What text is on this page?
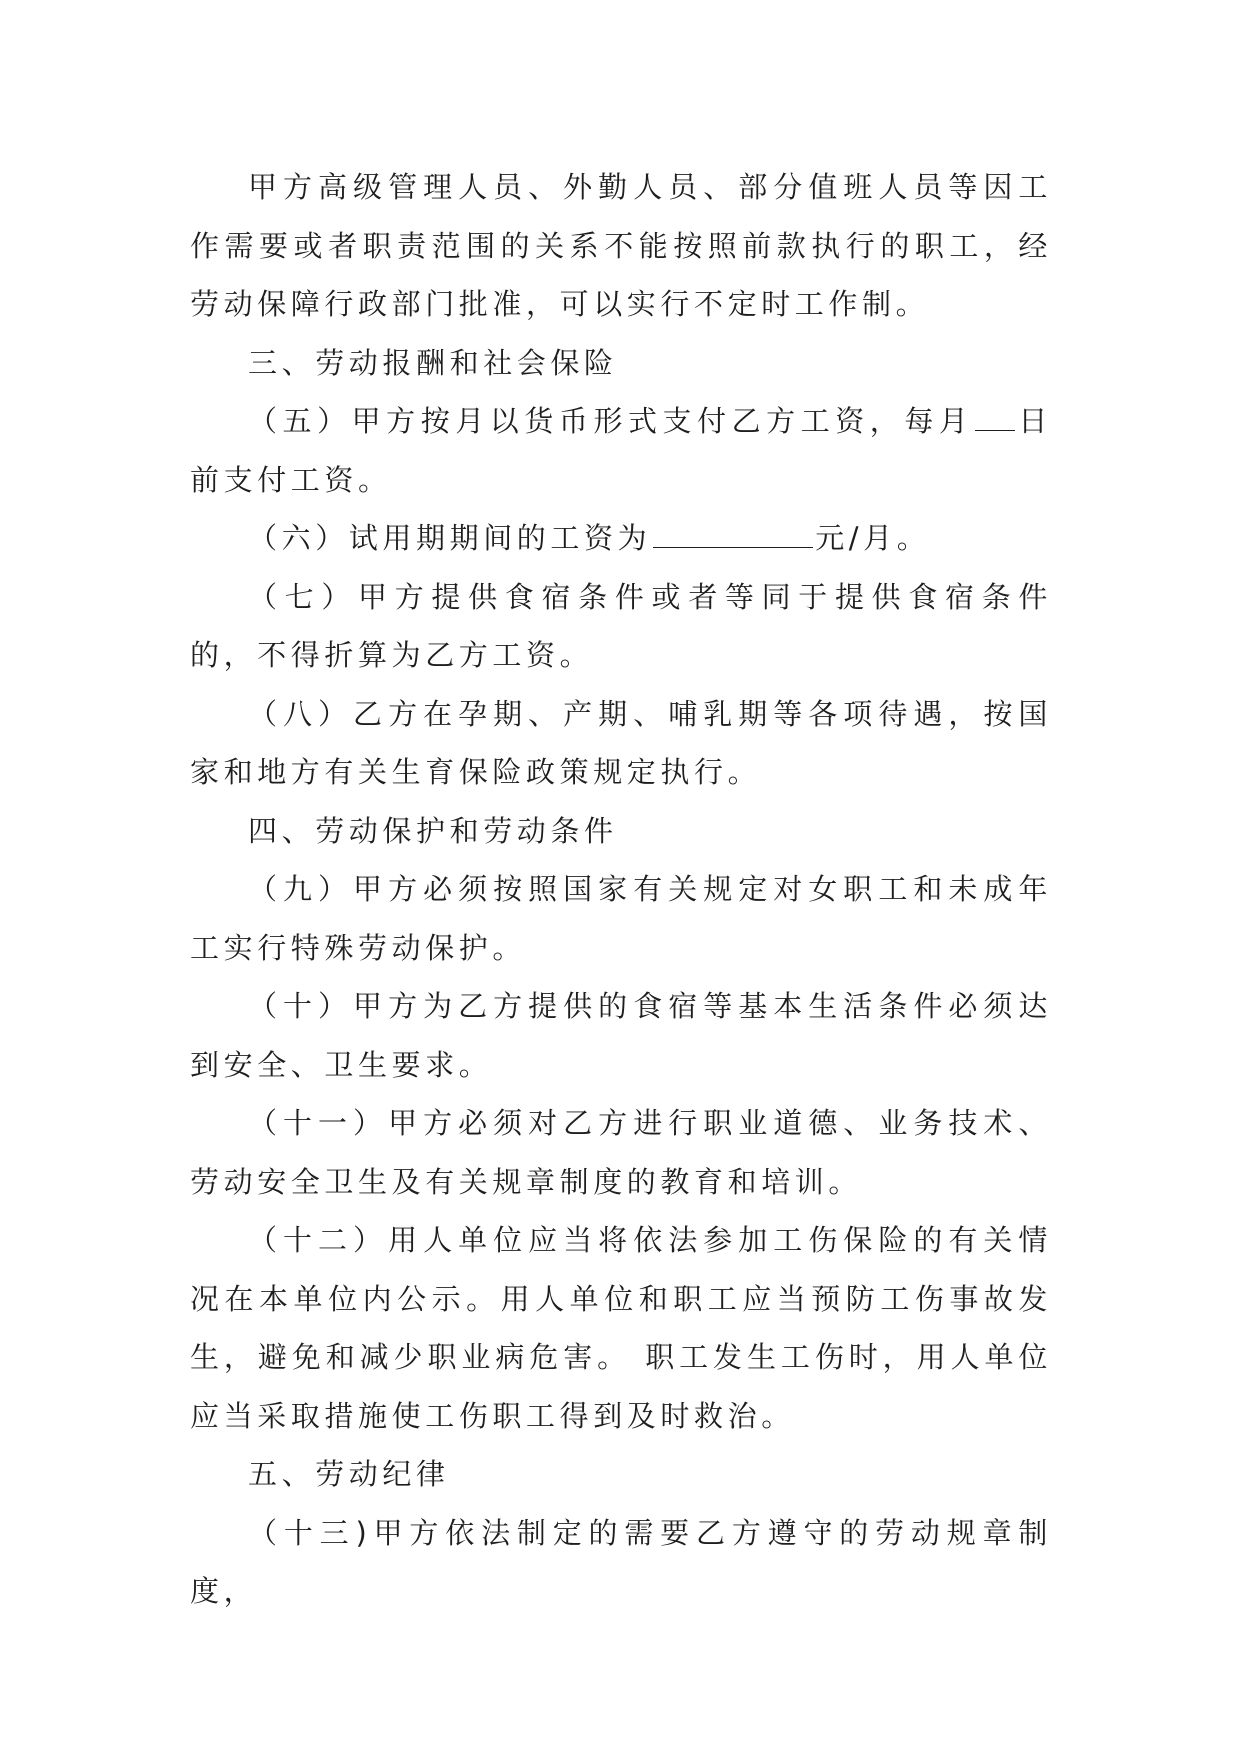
甲方高级管理人员、外勤人员、部分值班人员等因工作需要或者职责范围的关系不能按照前款执行的职工，经劳动保障行政部门批准，可以实行不定时工作制。

三、劳动报酬和社会保险

（五）甲方按月以货币形式支付乙方工资，每月 日前支付工资。

（六）试用期期间的工资为	元/月。

（七）甲方提供食宿条件或者等同于提供食宿条件的，不得折算为乙方工资。

（八）乙方在孕期、产期、哺乳期等各项待遇，按国家和地方有关生育保险政策规定执行。

四、劳动保护和劳动条件

（九）甲方必须按照国家有关规定对女职工和未成年工实行特殊劳动保护。

（十）甲方为乙方提供的食宿等基本生活条件必须达到安全、卫生要求。

（十一）甲方必须对乙方进行职业道德、业务技术、劳动安全卫生及有关规章制度的教育和培训。

（十二）用人单位应当将依法参加工伤保险的有关情况在本单位内公示。用人单位和职工应当预防工伤事故发生，避免和减少职业病危害。 职工发生工伤时，用人单位应当采取措施使工伤职工得到及时救治。

五、劳动纪律

（十三)甲方依法制定的需要乙方遵守的劳动规章制度，
